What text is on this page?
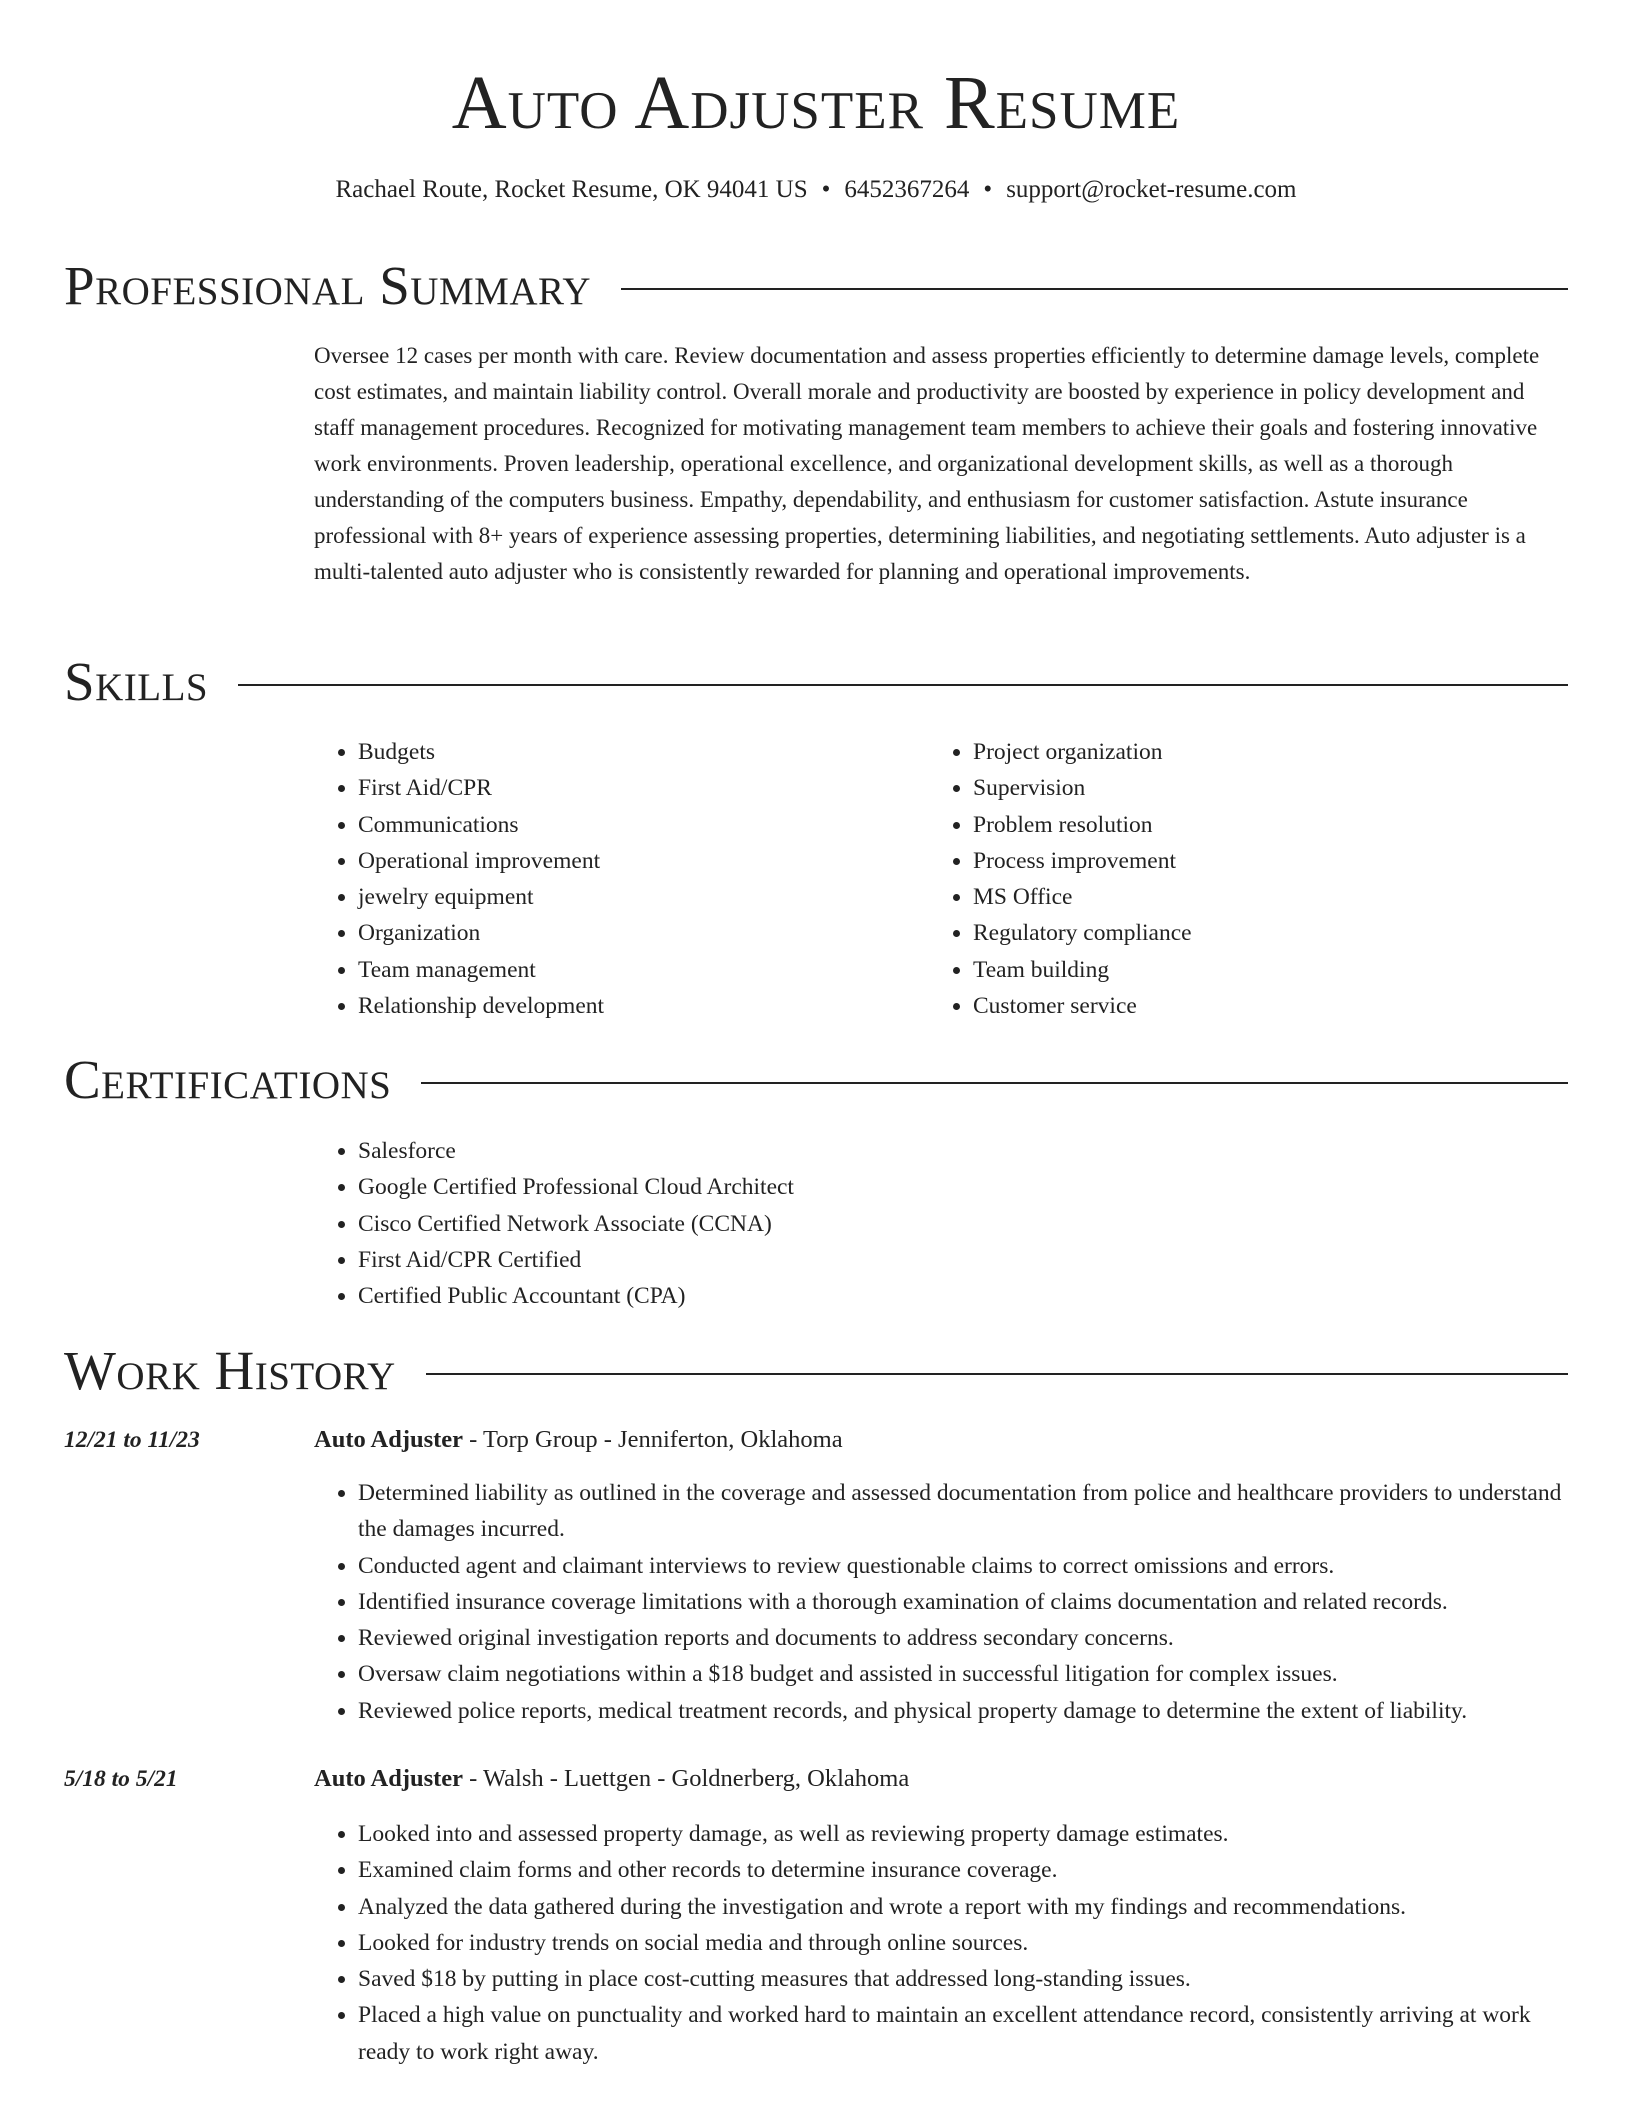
Auto Adjuster Resume
Rachael Route, Rocket Resume, OK 94041 US • 6452367264 • support@rocket-resume.com
Professional Summary

Oversee 12 cases per month with care. Review documentation and assess properties efficiently to determine damage levels, complete cost estimates, and maintain liability control. Overall morale and productivity are boosted by experience in policy development and staff management procedures. Recognized for motivating management team members to achieve their goals and fostering innovative work environments. Proven leadership, operational excellence, and organizational development skills, as well as a thorough understanding of the computers business. Empathy, dependability, and enthusiasm for customer satisfaction. Astute insurance professional with 8+ years of experience assessing properties, determining liabilities, and negotiating settlements. Auto adjuster is a multi-talented auto adjuster who is consistently rewarded for planning and operational improvements.

Skills
• Budgets
• First Aid/CPR
• Communications
• Operational improvement
• jewelry equipment
• Organization
• Team management
• Relationship development
• Project organization
• Supervision
• Problem resolution
• Process improvement
• MS Office
• Regulatory compliance
• Team building
• Customer service
Certifications
• Salesforce
• Google Certified Professional Cloud Architect
• Cisco Certified Network Associate (CCNA)
• First Aid/CPR Certified
• Certified Public Accountant (CPA)
Work History
12/21 to 11/23	Auto Adjuster - Torp Group - Jenniferton, Oklahoma
• Determined liability as outlined in the coverage and assessed documentation from police and healthcare providers to understand the damages incurred.
• Conducted agent and claimant interviews to review questionable claims to correct omissions and errors.
• Identified insurance coverage limitations with a thorough examination of claims documentation and related records.
• Reviewed original investigation reports and documents to address secondary concerns.
• Oversaw claim negotiations within a $18 budget and assisted in successful litigation for complex issues.
• Reviewed police reports, medical treatment records, and physical property damage to determine the extent of liability.
5/18 to 5/21	Auto Adjuster - Walsh - Luettgen - Goldnerberg, Oklahoma
• Looked into and assessed property damage, as well as reviewing property damage estimates.
• Examined claim forms and other records to determine insurance coverage.
• Analyzed the data gathered during the investigation and wrote a report with my findings and recommendations.
• Looked for industry trends on social media and through online sources.
• Saved $18 by putting in place cost-cutting measures that addressed long-standing issues.
• Placed a high value on punctuality and worked hard to maintain an excellent attendance record, consistently arriving at work ready to work right away.
